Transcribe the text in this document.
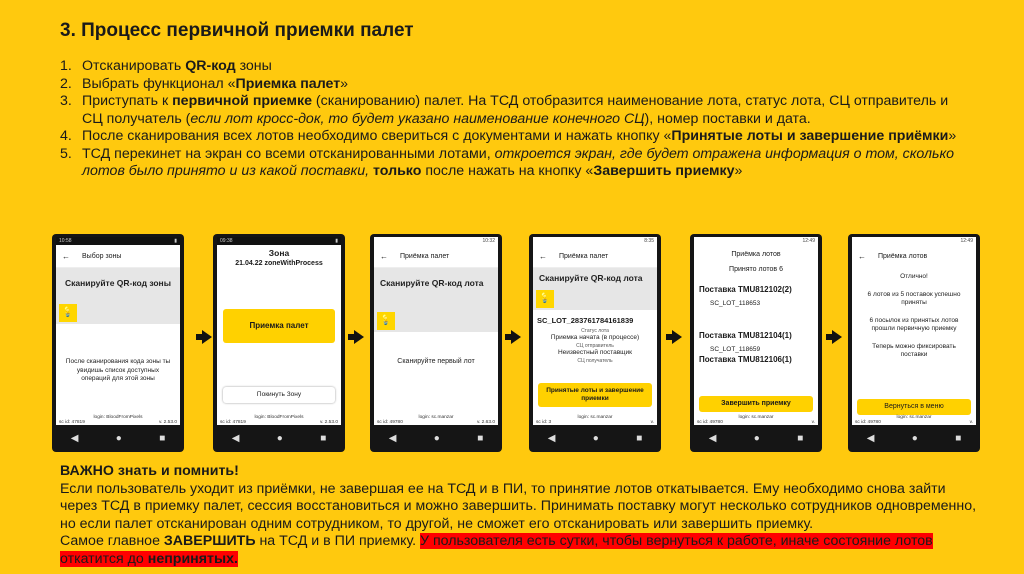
3. Процесс первичной приемки палет
1. Отсканировать QR-код зоны
2. Выбрать функционал «Приемка палет»
3. Приступать к первичной приемке (сканированию) палет. На ТСД отобразится наименование лота, статус лота, СЦ отправитель и СЦ получатель (если лот кросс-док, то будет указано наименование конечного СЦ), номер поставки и дата.
4. После сканирования всех лотов необходимо свериться с документами и нажать кнопку «Принятые лоты и завершение приёмки»
5. ТСД перекинет на экран со всеми отсканированными лотами, откроется экран, где будет отражена информация о том, сколько лотов было принято и из какой поставки, только после нажать на кнопку «Завершить приемку»
10:58	▮
← Выбор зоны
Сканируйте QR-код зоны
💡
После сканирования кода зоны ты увидишь список доступных операций для этой зоны
login: BloodFromPixels
sc id: 47819	v. 2.53.0
◀	●	■
09:38	▮
Зона
21.04.22 zoneWithProcess
Приемка палет
Покинуть Зону
login: BloodFromPixels
sc id: 47819	v. 2.53.0
◀	●	■
10:32
← Приёмка палет
Сканируйте QR-код лота
💡
Сканируйте первый лот
login: sc.manzar
sc id: 49780	v. 2.63.0
◀	●	■
8:35
← Приёмка палет
Сканируйте QR-код лота
💡
SC_LOT_283761784161839
Статус лота
Приемка начата (в процессе)
СЦ отправитель
Неизвестный поставщик
СЦ получатель
Принятые лоты и завершение приемки
login: sc.manzar
sc id: 3	v.
◀	●	■
12:49
Приёмка лотов
Принято лотов 6
Поставка TMU812102(2)
SC_LOT_118653
Поставка TMU812104(1)
SC_LOT_118659
Поставка TMU812106(1)
Завершить приемку
login: sc.manzar
sc id: 49780	v.
◀	●	■
12:49
← Приёмка лотов
Отлично!
6 лотов из 5 поставок успешно приняты
6 посылок из принятых лотов прошли первичную приемку
Теперь можно фиксировать поставки
Вернуться в меню
login: sc.manzar
sc id: 49780	v.
◀	●	■
ВАЖНО знать и помнить!
Если пользователь уходит из приёмки, не завершая ее на ТСД и в ПИ, то принятие лотов откатывается. Ему необходимо снова зайти через ТСД в приемку палет, сессия восстановиться и можно завершить. Принимать поставку могут несколько сотрудников одновременно, но если палет отсканирован одним сотрудником, то другой, не сможет его отсканировать или завершить приемку.
Самое главное ЗАВЕРШИТЬ на ТСД и в ПИ приемку. У пользователя есть сутки, чтобы вернуться к работе, иначе состояние лотов откатится до непринятых.
